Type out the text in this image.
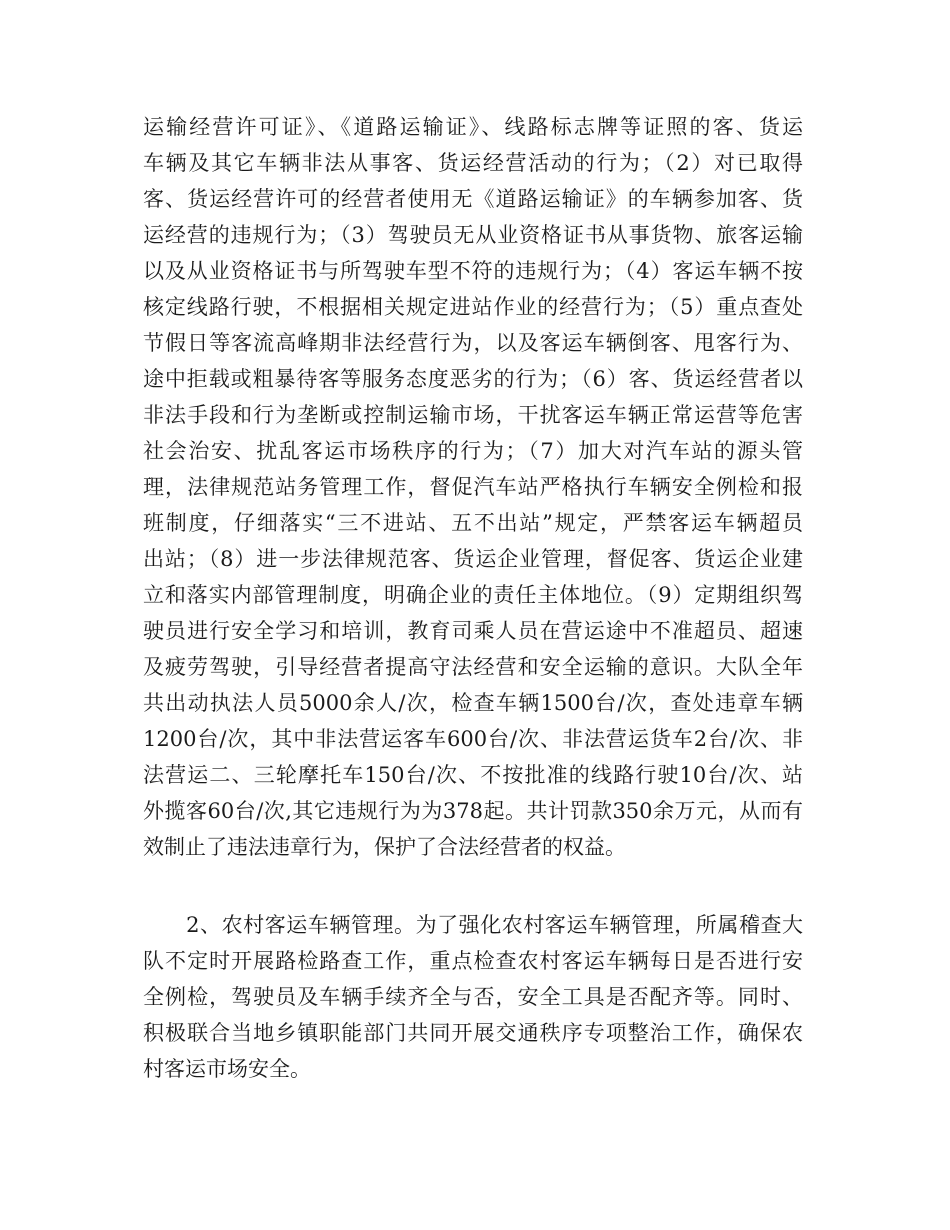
运输经营许可证》、《道路运输证》、线路标志牌等证照的客、货运
车辆及其它车辆非法从事客、货运经营活动的行为；（2）对已取得
客、货运经营许可的经营者使用无《道路运输证》的车辆参加客、货
运经营的违规行为；（3）驾驶员无从业资格证书从事货物、旅客运输
以及从业资格证书与所驾驶车型不符的违规行为；（4）客运车辆不按
核定线路行驶，不根据相关规定进站作业的经营行为；（5）重点查处
节假日等客流高峰期非法经营行为，以及客运车辆倒客、甩客行为、
途中拒载或粗暴待客等服务态度恶劣的行为；（6）客、货运经营者以
非法手段和行为垄断或控制运输市场，干扰客运车辆正常运营等危害
社会治安、扰乱客运市场秩序的行为；（7）加大对汽车站的源头管
理，法律规范站务管理工作，督促汽车站严格执行车辆安全例检和报
班制度，仔细落实“三不进站、五不出站”规定，严禁客运车辆超员
出站；（8）进一步法律规范客、货运企业管理，督促客、货运企业建
立和落实内部管理制度，明确企业的责任主体地位。（9）定期组织驾
驶员进行安全学习和培训，教育司乘人员在营运途中不准超员、超速
及疲劳驾驶，引导经营者提高守法经营和安全运输的意识。大队全年
共出动执法人员5000余人/次，检查车辆1500台/次，查处违章车辆
1200台/次，其中非法营运客车600台/次、非法营运货车2台/次、非
法营运二、三轮摩托车150台/次、不按批准的线路行驶10台/次、站
外揽客60台/次,其它违规行为为378起。共计罚款350余万元，从而有
效制止了违法违章行为，保护了合法经营者的权益。
　　2、农村客运车辆管理。为了强化农村客运车辆管理，所属稽查大
队不定时开展路检路查工作，重点检查农村客运车辆每日是否进行安
全例检，驾驶员及车辆手续齐全与否，安全工具是否配齐等。同时、
积极联合当地乡镇职能部门共同开展交通秩序专项整治工作，确保农
村客运市场安全。
